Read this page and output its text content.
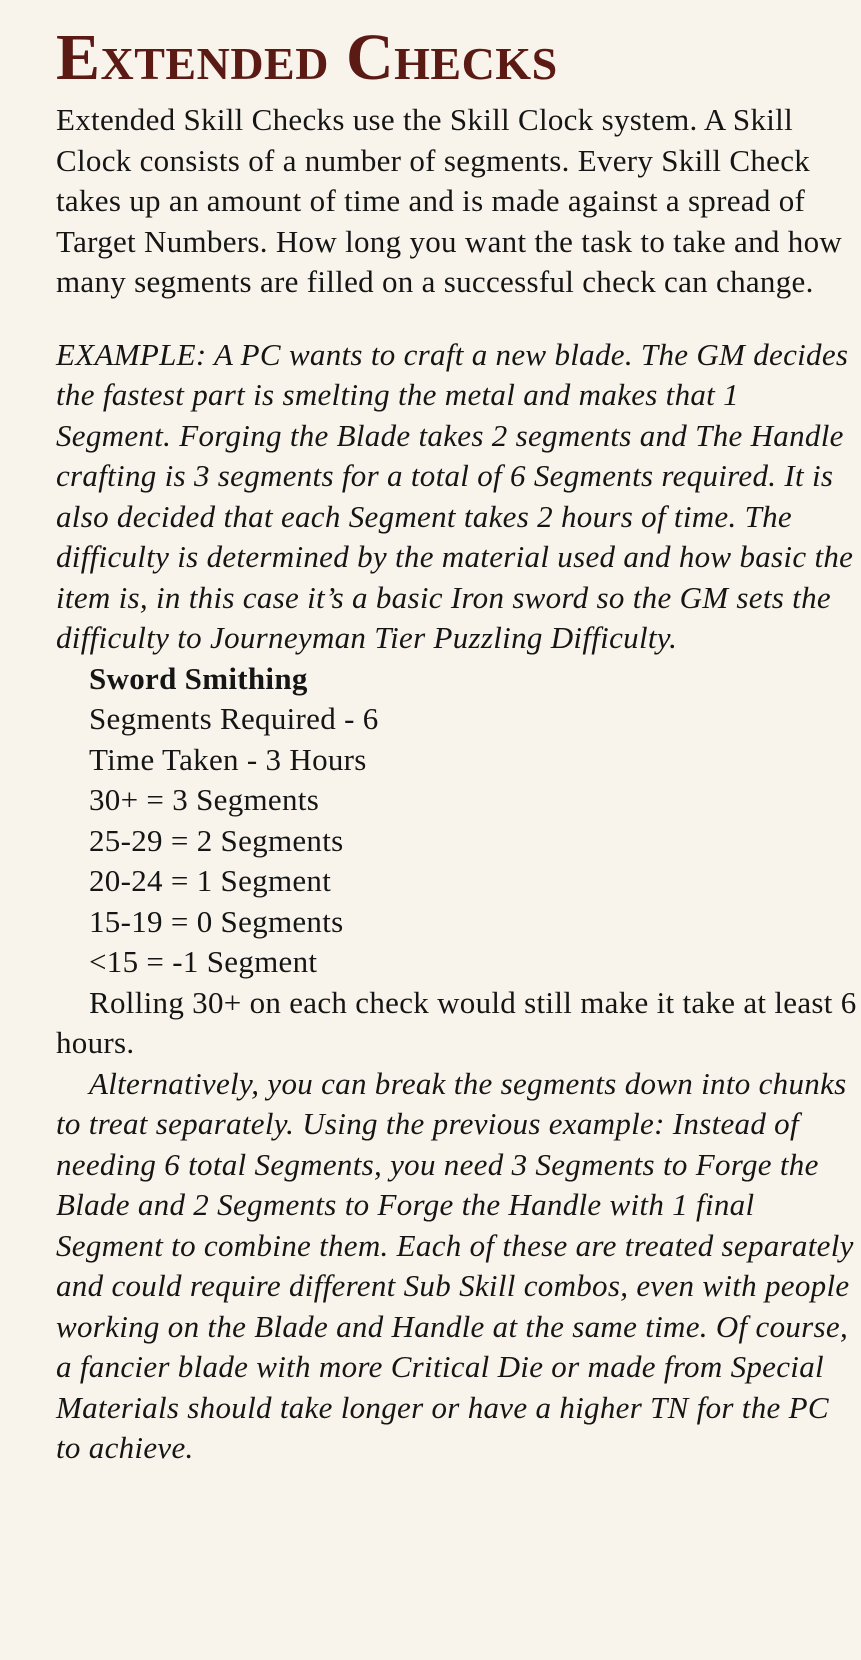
Extended Checks

Extended Skill Checks use the Skill Clock system. A Skill Clock consists of a number of segments. Every Skill Check takes up an amount of time and is made against a spread of Target Numbers. How long you want the task to take and how many segments are filled on a successful check can change.

EXAMPLE: A PC wants to craft a new blade. The GM decides the fastest part is smelting the metal and makes that 1 Segment. Forging the Blade takes 2 segments and The Handle crafting is 3 segments for a total of 6 Segments required. It is also decided that each Segment takes 2 hours of time. The difficulty is determined by the material used and how basic the item is, in this case it’s a basic Iron sword so the GM sets the difficulty to Journeyman Tier Puzzling Difficulty.

Sword Smithing
Segments Required - 6
Time Taken - 3 Hours
30+ = 3 Segments
25-29 = 2 Segments
20-24 = 1 Segment
15-19 = 0 Segments
<15 = -1 Segment

Rolling 30+ on each check would still make it take at least 6 hours.

Alternatively, you can break the segments down into chunks to treat separately. Using the previous example: Instead of needing 6 total Segments, you need 3 Segments to Forge the Blade and 2 Segments to Forge the Handle with 1 final Segment to combine them. Each of these are treated separately and could require different Sub Skill combos, even with people working on the Blade and Handle at the same time. Of course, a fancier blade with more Critical Die or made from Special Materials should take longer or have a higher TN for the PC to achieve.
